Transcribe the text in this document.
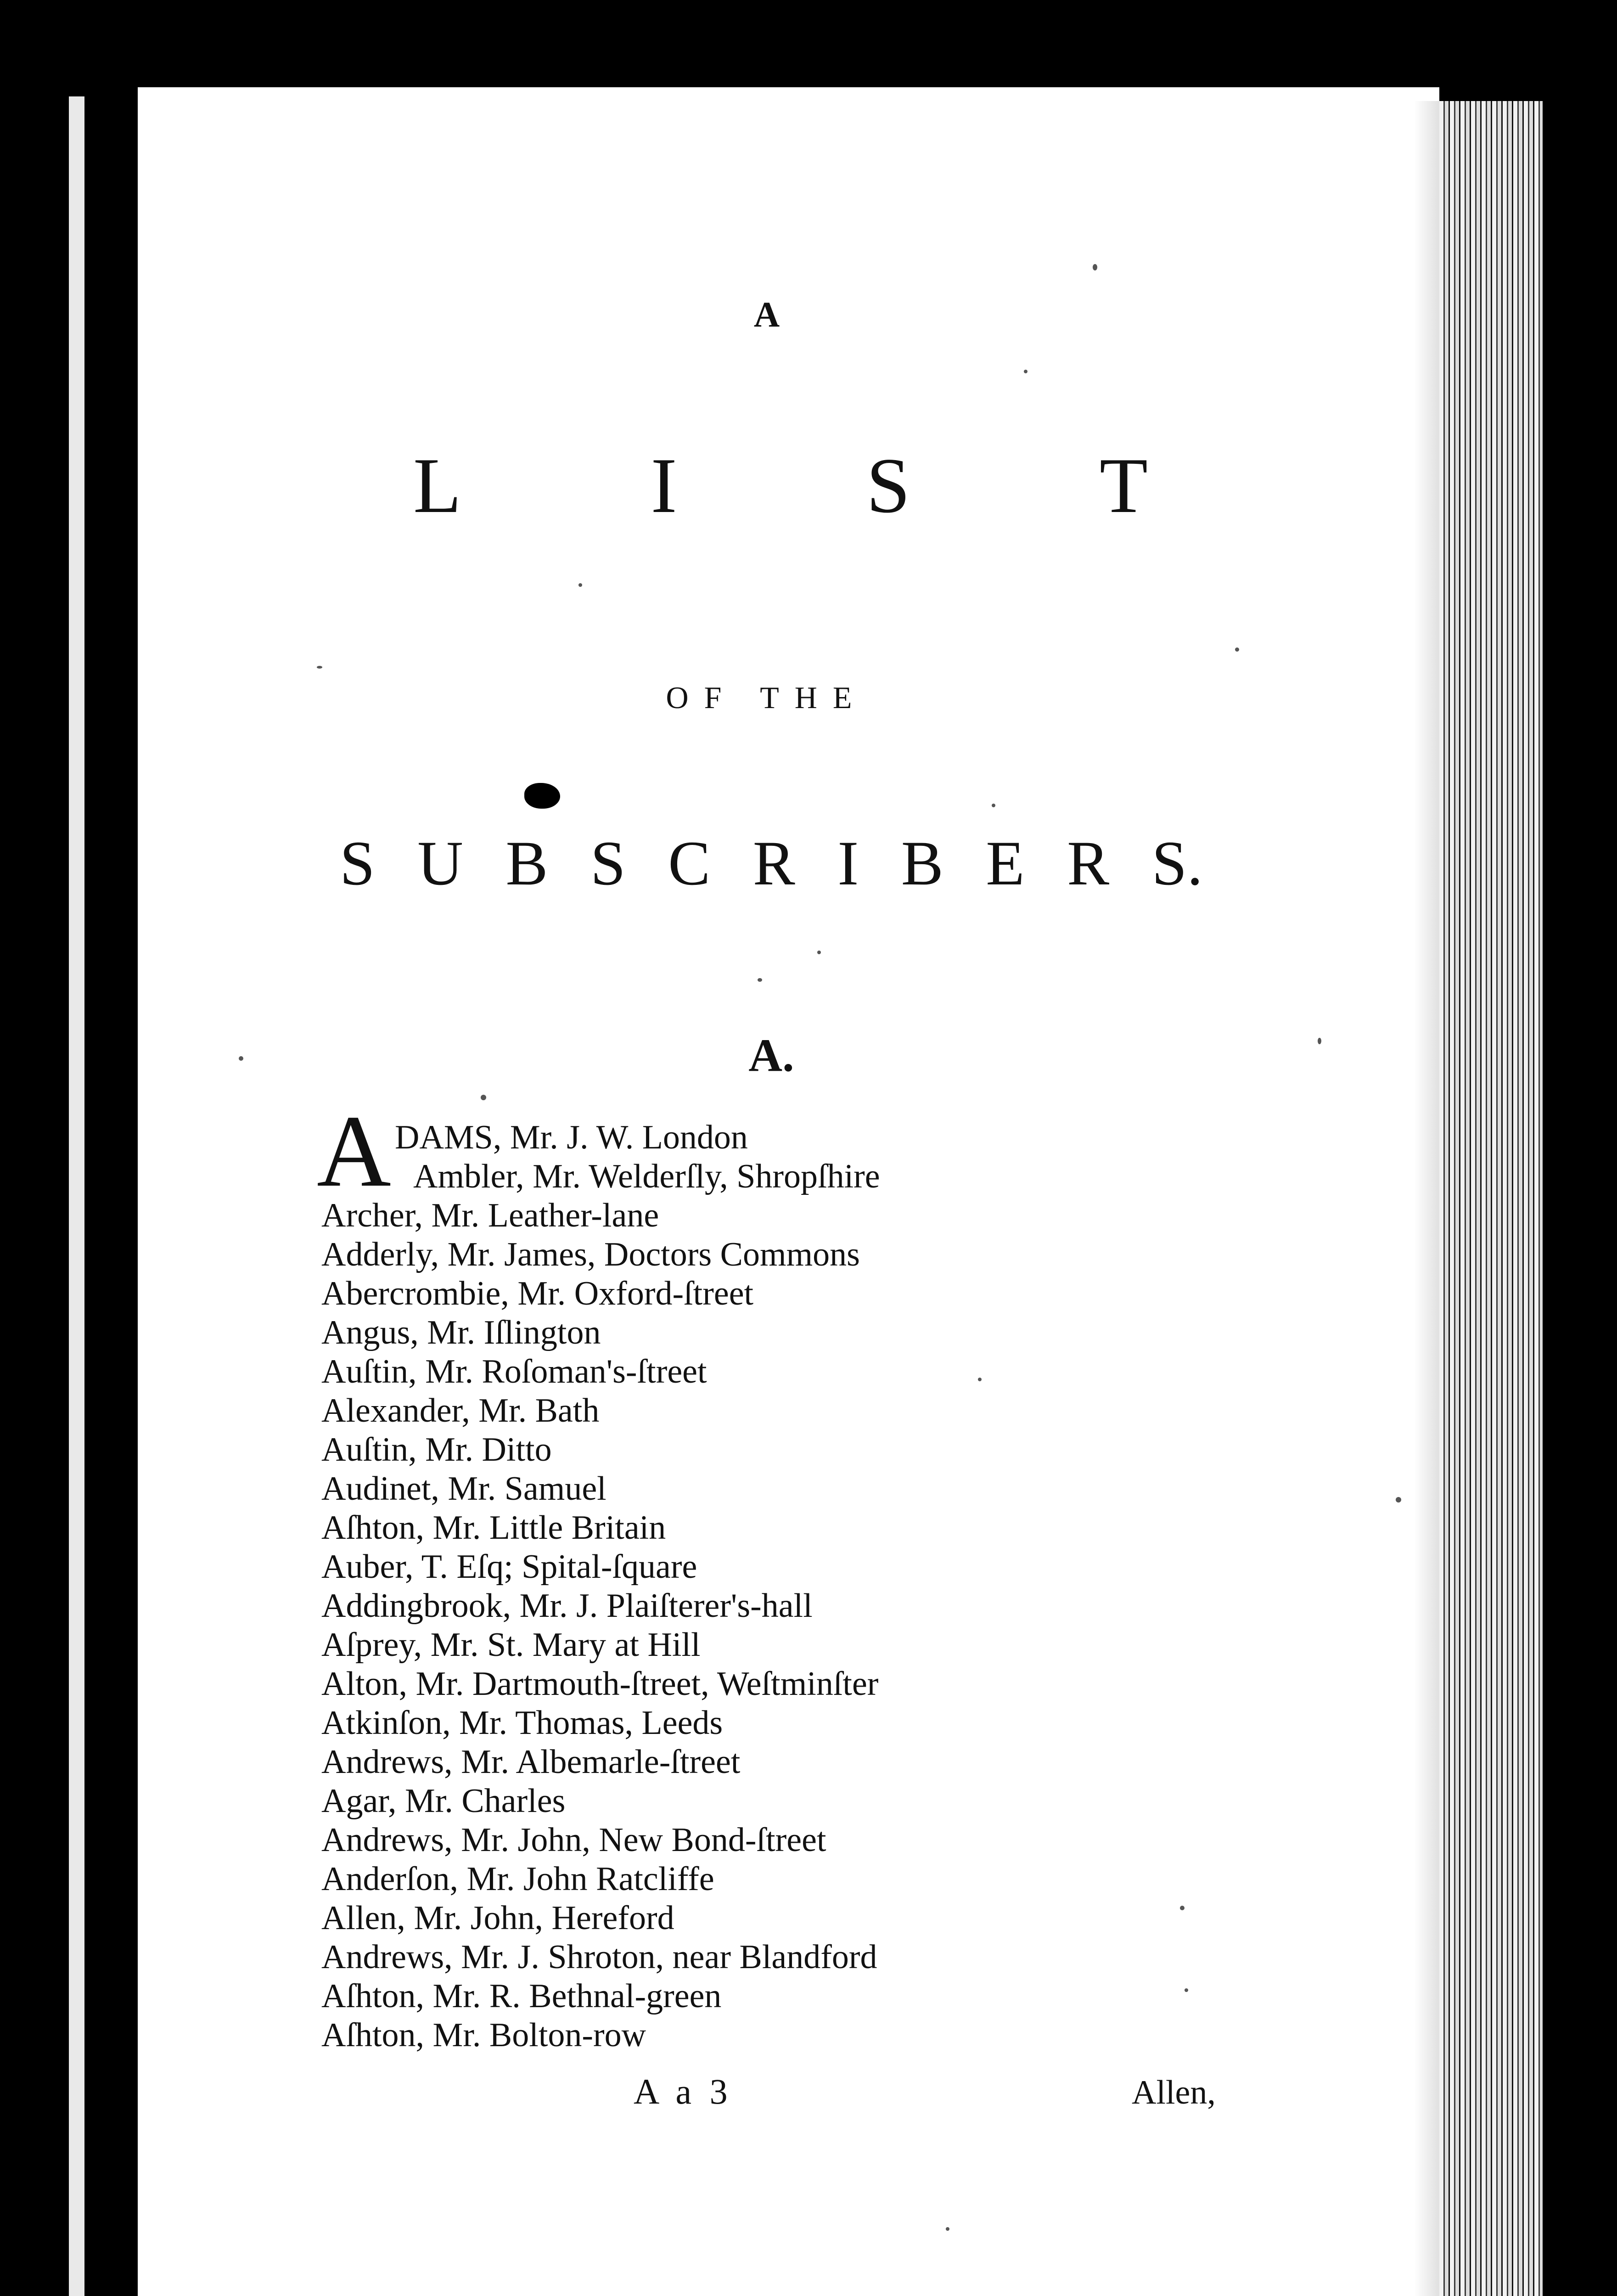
A
L I S T
OF THE
S U B S C R I B E R S.
A.
A DAMS, Mr. J. W. London
Ambler, Mr. Welderſly, Shropſhire
Archer, Mr. Leather-lane
Adderly, Mr. James, Doctors Commons
Abercrombie, Mr. Oxford-ſtreet
Angus, Mr. Iſlington
Auſtin, Mr. Roſoman's-ſtreet
Alexander, Mr. Bath
Auſtin, Mr. Ditto
Audinet, Mr. Samuel
Aſhton, Mr. Little Britain
Auber, T. Eſq; Spital-ſquare
Addingbrook, Mr. J. Plaiſterer's-hall
Aſprey, Mr. St. Mary at Hill
Alton, Mr. Dartmouth-ſtreet, Weſtminſter
Atkinſon, Mr. Thomas, Leeds
Andrews, Mr. Albemarle-ſtreet
Agar, Mr. Charles
Andrews, Mr. John, New Bond-ſtreet
Anderſon, Mr. John Ratcliffe
Allen, Mr. John, Hereford
Andrews, Mr. J. Shroton, near Blandford
Aſhton, Mr. R. Bethnal-green
Aſhton, Mr. Bolton-row
A a 3	Allen,
